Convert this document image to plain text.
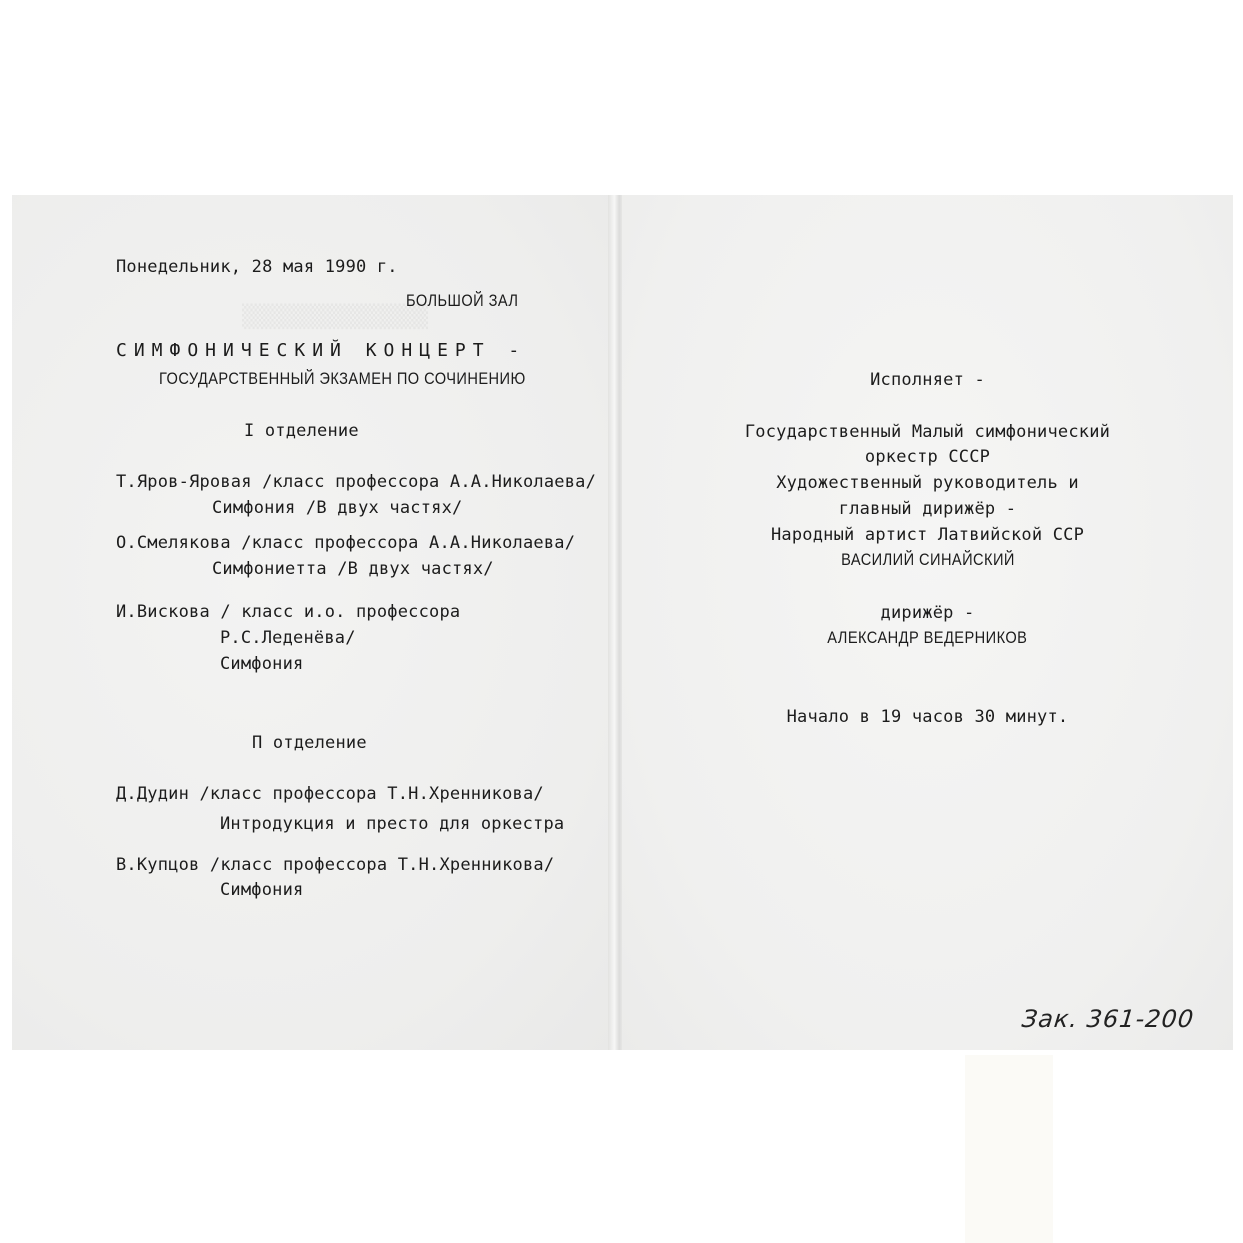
▒▒▒▒▒▒▒▒▒▒▒
Понедельник, 28 мая 1990 г.
БОЛЬШОЙ ЗАЛ
СИМФОНИЧЕСКИЙ КОНЦЕРТ -
ГОСУДАРСТВЕННЫЙ ЭКЗАМЕН ПО СОЧИНЕНИЮ
I отделение
Т.Яров-Яровая /класс профессора А.А.Николаева/
Симфония /В двух частях/
О.Смелякова /класс профессора А.А.Николаева/
Симфониетта /В двух частях/
И.Вискова / класс и.о. профессора
Р.С.Леденёва/
Симфония
П отделение
Д.Дудин /класс профессора Т.Н.Хренникова/
Интродукция и престо для оркестра
В.Купцов /класс профессора Т.Н.Хренникова/
Симфония
Исполняет -
Государственный Малый симфонический
оркестр СССР
Художественный руководитель и
главный дирижёр -
Народный артист Латвийской ССР
ВАСИЛИЙ СИНАЙСКИЙ
дирижёр -
АЛЕКСАНДР ВЕДЕРНИКОВ
Начало в 19 часов 30 минут.
Зак. 361-200
